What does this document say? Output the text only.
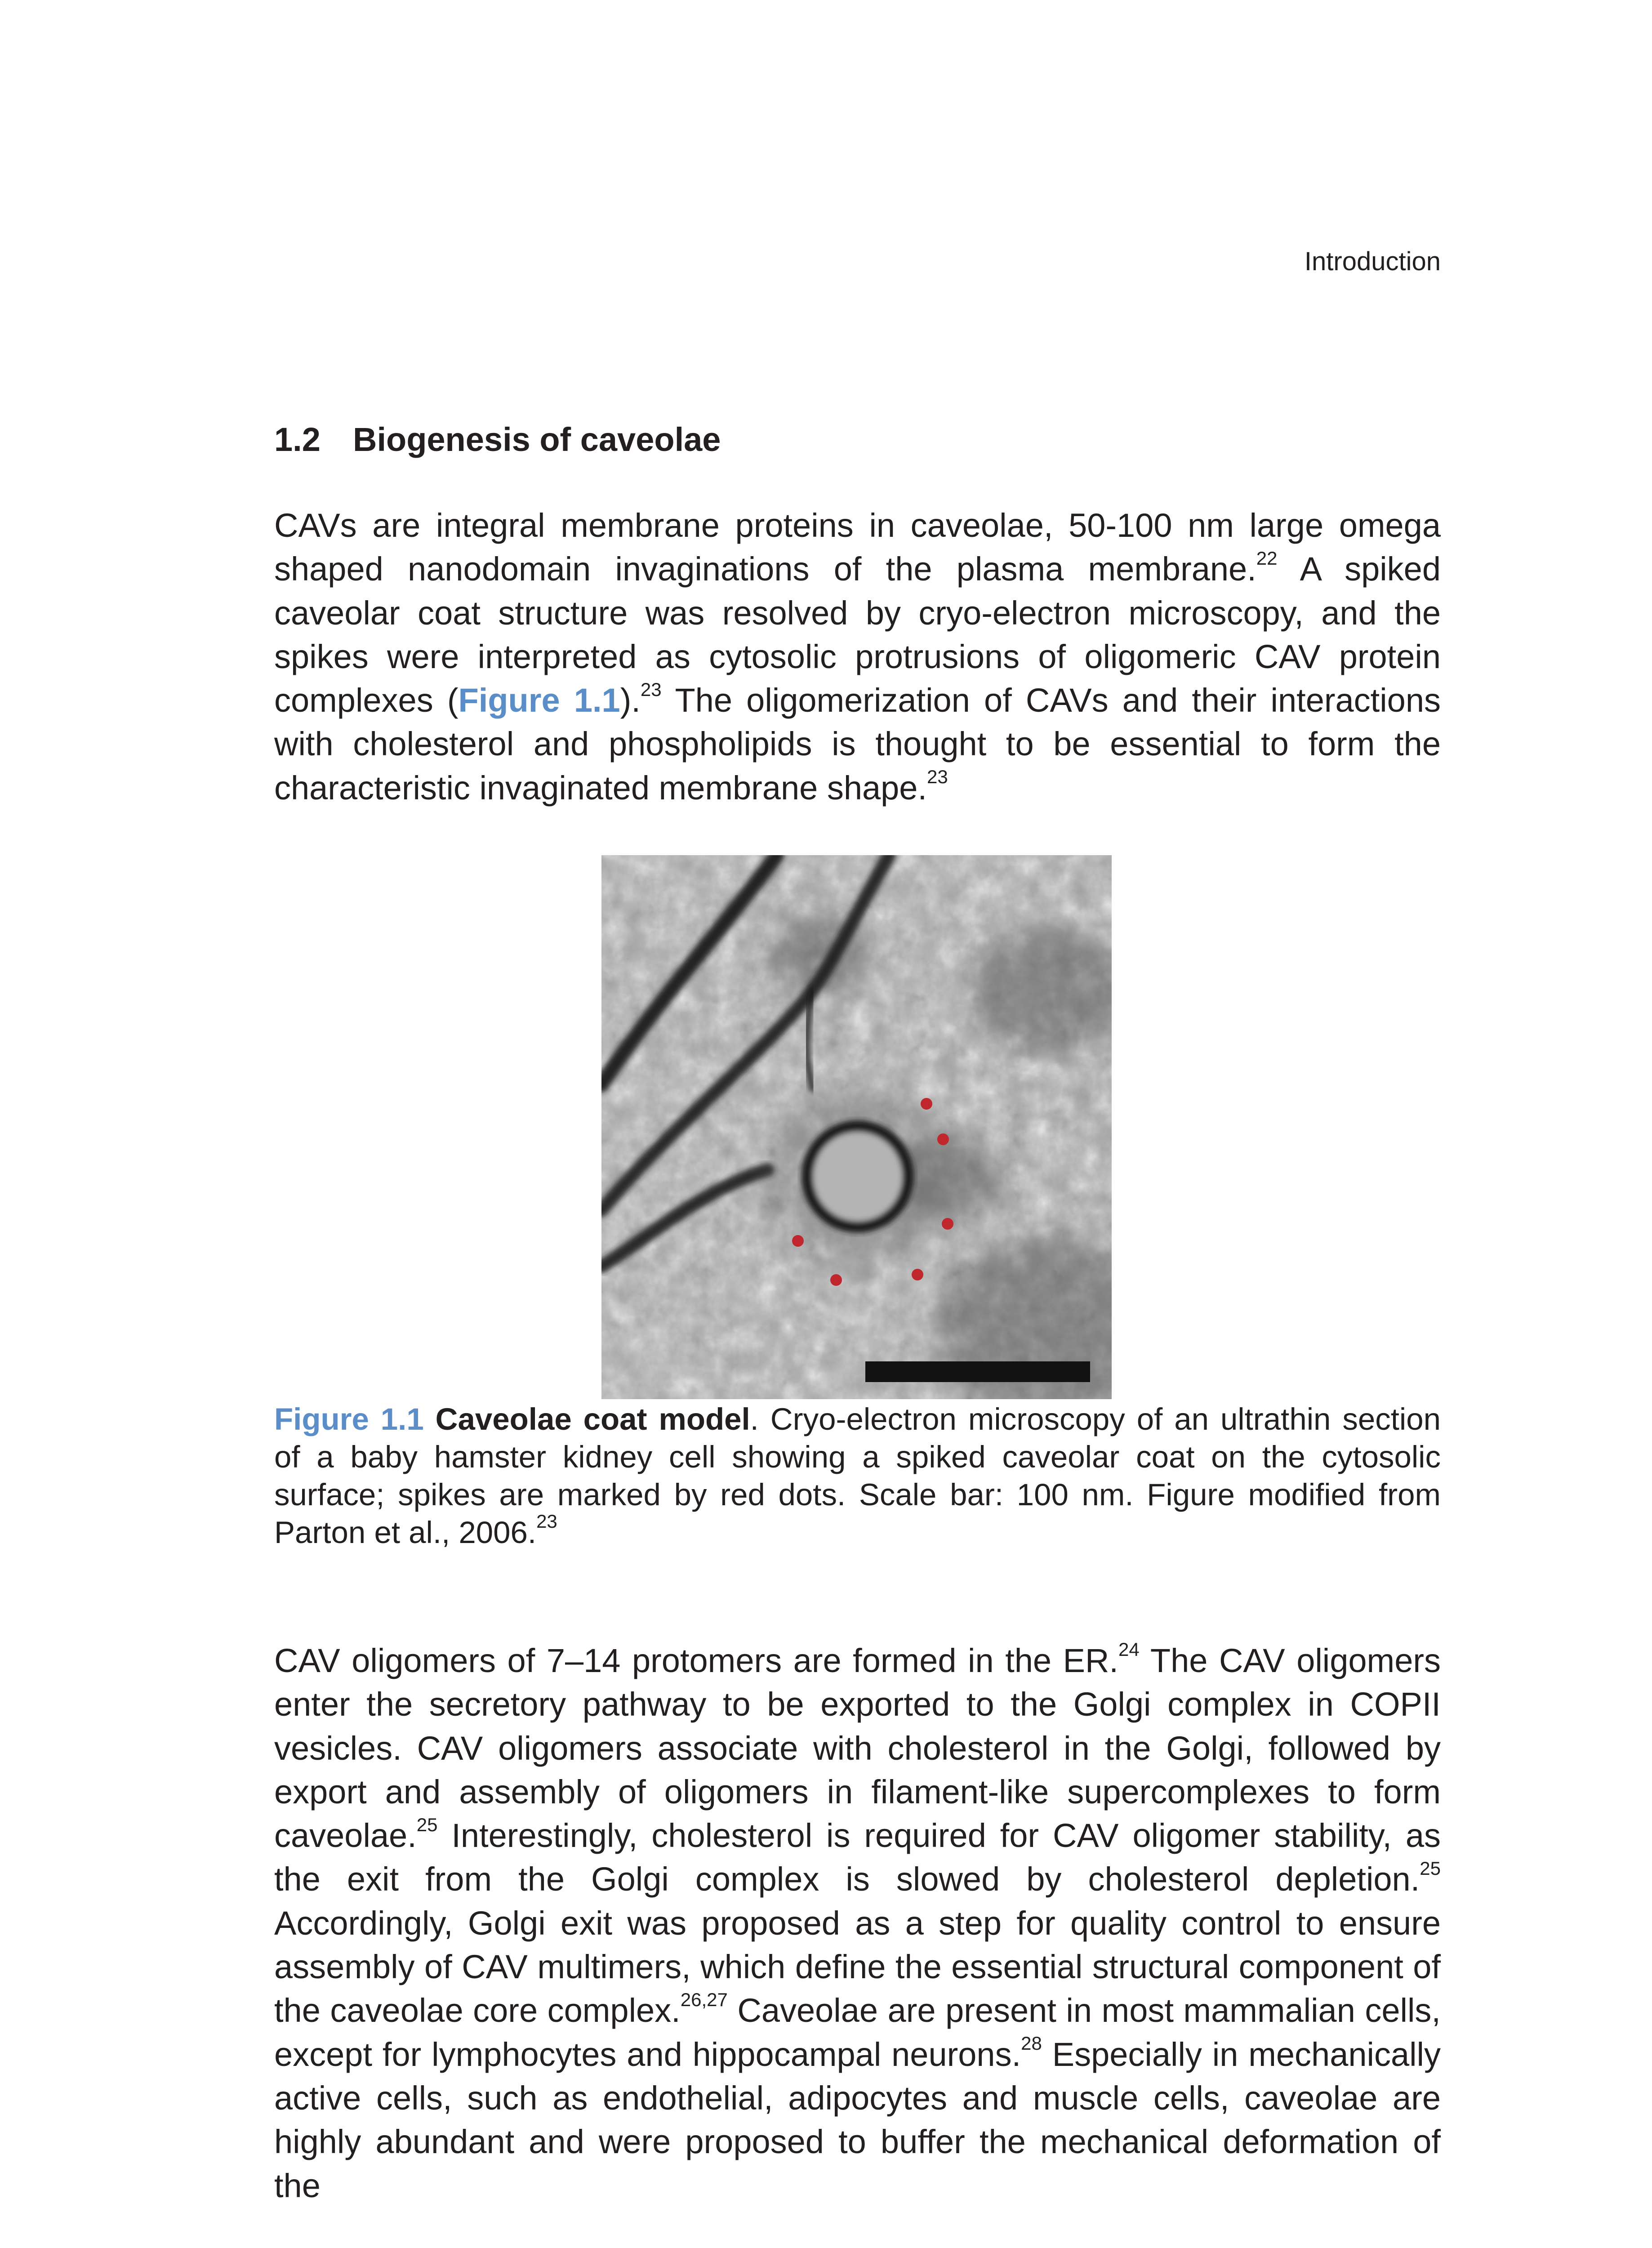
Introduction
1.2 Biogenesis of caveolae

CAVs are integral membrane proteins in caveolae, 50-100 nm large omega shaped nanodomain invaginations of the plasma membrane.$^{22}$ A spiked caveolar coat structure was resolved by cryo-electron microscopy, and the spikes were interpreted as cytosolic protrusions of oligomeric CAV protein complexes (Figure 1.1).$^{23}$ The oligomerization of CAVs and their interactions with cholesterol and phospholipids is thought to be essential to form the characteristic invaginated membrane shape.$^{23}$

Figure 1.1 Caveolae coat model. Cryo-electron microscopy of an ultrathin section of a baby hamster kidney cell showing a spiked caveolar coat on the cytosolic surface; spikes are marked by red dots. Scale bar: 100 nm. Figure modified from Parton et al., 2006.23

CAV oligomers of 7–14 protomers are formed in the ER.$^{24}$ The CAV oligomers enter the secretory pathway to be exported to the Golgi complex in COPII vesicles. CAV oligomers associate with cholesterol in the Golgi, followed by export and assembly of oligomers in filament-like supercomplexes to form caveolae.$^{25}$ Interestingly, cholesterol is required for CAV oligomer stability, as the exit from the Golgi complex is slowed by cholesterol depletion.$^{25}$ Accordingly, Golgi exit was proposed as a step for quality control to ensure assembly of CAV multimers, which define the essential structural component of the caveolae core complex.$^{26,27}$ Caveolae are present in most mammalian cells, except for lymphocytes and hippocampal neurons.$^{28}$ Especially in mechanically active cells, such as endothelial, adipocytes and muscle cells, caveolae are highly abundant and were proposed to buffer the mechanical deformation of the
